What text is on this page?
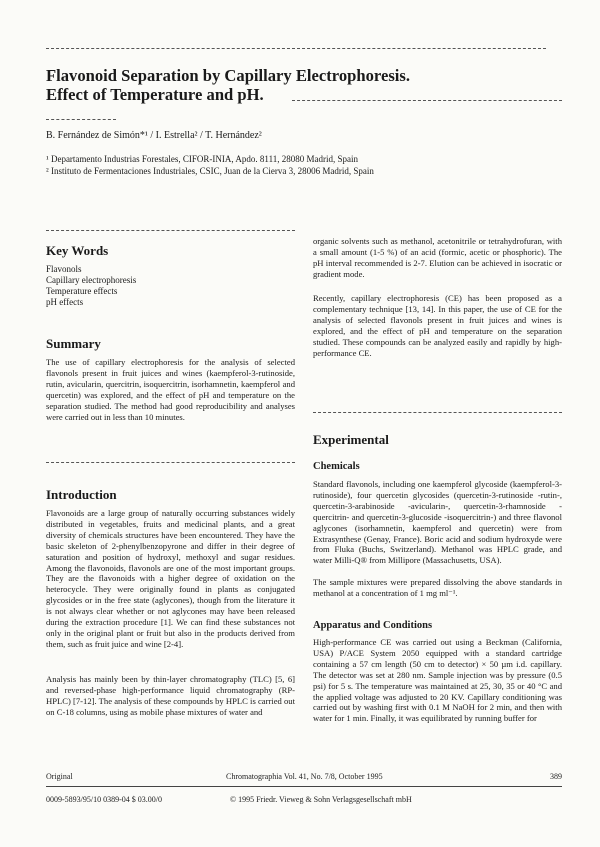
Flavonoid Separation by Capillary Electrophoresis.
Effect of Temperature and pH.
B. Fernández de Simón*¹ / I. Estrella² / T. Hernández²
¹ Departamento Industrias Forestales, CIFOR-INIA, Apdo. 8111, 28080 Madrid, Spain
² Instituto de Fermentaciones Industriales, CSIC, Juan de la Cierva 3, 28006 Madrid, Spain
Key Words
Flavonols
Capillary electrophoresis
Temperature effects
pH effects
Summary

The use of capillary electrophoresis for the analysis of selected flavonols present in fruit juices and wines (kaempferol-3-rutinoside, rutin, avicularin, quercitrin, isoquercitrin, isorhamnetin, kaempferol and quercetin) was explored, and the effect of pH and temperature on the separation studied. The method had good reproducibility and analyses were carried out in less than 10 minutes.

Introduction

Flavonoids are a large group of naturally occurring substances widely distributed in vegetables, fruits and medicinal plants, and a great diversity of chemicals structures have been encountered. They have the basic skeleton of 2-phenylbenzopyrone and differ in their degree of saturation and position of hydroxyl, methoxyl and sugar residues. Among the flavonoids, flavonols are one of the most important groups. They are the flavonoids with a higher degree of oxidation on the heterocycle. They were originally found in plants as conjugated glycosides or in the free state (aglycones), though from the literature it is not always clear whether or not aglycones may have been released during the extraction procedure [1]. We can find these substances not only in the original plant or fruit but also in the products derived from them, such as fruit juice and wine [2-4].

Analysis has mainly been by thin-layer chromatography (TLC) [5, 6] and reversed-phase high-performance liquid chromatography (RP-HPLC) [7-12]. The analysis of these compounds by HPLC is carried out on C-18 columns, using as mobile phase mixtures of water and

organic solvents such as methanol, acetonitrile or tetrahydrofuran, with a small amount (1-5 %) of an acid (formic, acetic or phosphoric). The pH interval recommended is 2-7. Elution can be achieved in isocratic or gradient mode.

Recently, capillary electrophoresis (CE) has been proposed as a complementary technique [13, 14]. In this paper, the use of CE for the analysis of selected flavonols present in fruit juices and wines is explored, and the effect of pH and temperature on the separation studied. These compounds can be analyzed easily and rapidly by high-performance CE.

Experimental
Chemicals

Standard flavonols, including one kaempferol glycoside (kaempferol-3-rutinoside), four quercetin glycosides (quercetin-3-rutinoside -rutin-, quercetin-3-arabinoside -avicularin-, quercetin-3-rhamnoside -quercitrin- and quercetin-3-glucoside -isoquercitrin-) and three flavonol aglycones (isorhamnetin, kaempferol and quercetin) were from Extrasynthese (Genay, France). Boric acid and sodium hydroxyde were from Fluka (Buchs, Switzerland). Methanol was HPLC grade, and water Milli-Q® from Millipore (Massachusetts, USA).

The sample mixtures were prepared dissolving the above standards in methanol at a concentration of 1 mg ml⁻¹.

Apparatus and Conditions

High-performance CE was carried out using a Beckman (California, USA) P/ACE System 2050 equipped with a standard cartridge containing a 57 cm length (50 cm to detector) × 50 µm i.d. capillary. The detector was set at 280 nm. Sample injection was by pressure (0.5 psi) for 5 s. The temperature was maintained at 25, 30, 35 or 40 °C and the applied voltage was adjusted to 20 KV. Capillary conditioning was carried out by washing first with 0.1 M NaOH for 2 min, and then with water for 1 min. Finally, it was equilibrated by running buffer for

Original	Chromatographia Vol. 41, No. 7/8, October 1995	389
0009-5893/95/10 0389-04 $ 03.00/0	© 1995 Friedr. Vieweg & Sohn Verlagsgesellschaft mbH
